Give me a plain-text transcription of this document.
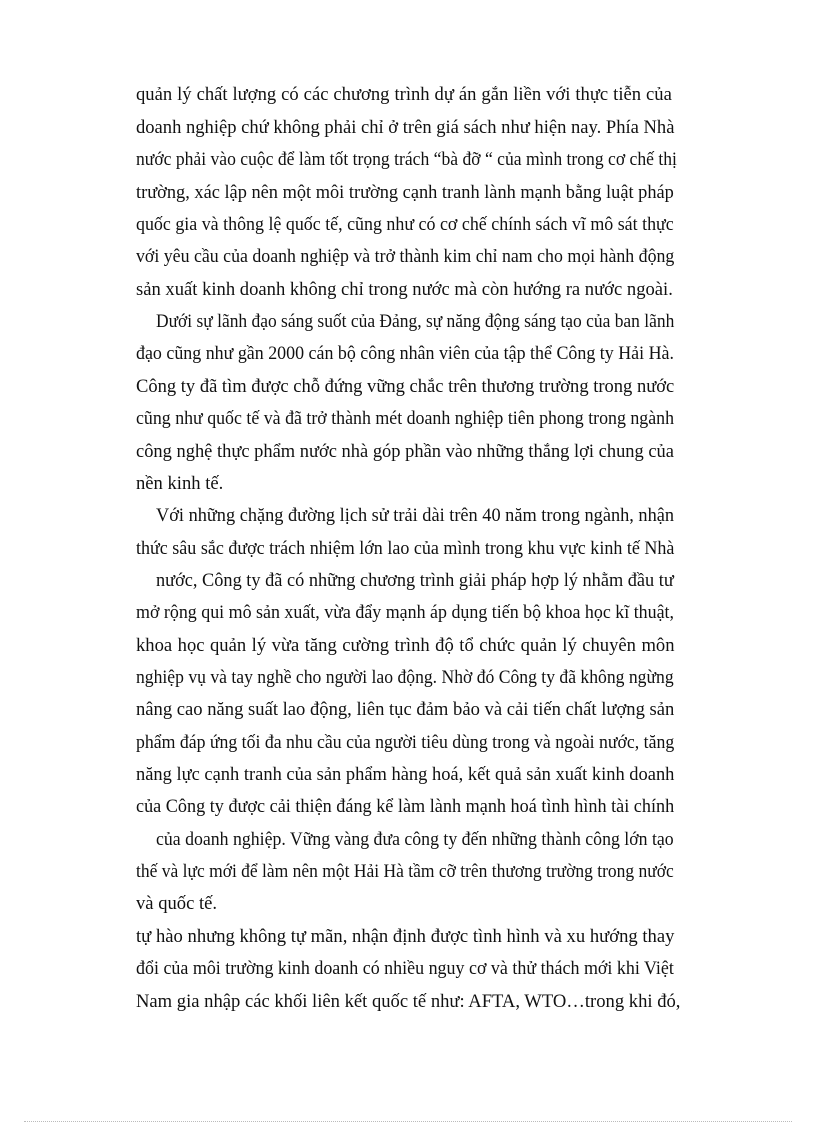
quản lý chất lượng có các chương trình dự án gắn liền với thực tiễn của
doanh nghiệp chứ không phải chỉ ở trên giá sách như hiện nay. Phía Nhà
nước phải vào cuộc để làm tốt trọng trách “bà đỡ “ của mình trong cơ chế thị
trường, xác lập nên một môi trường cạnh tranh lành mạnh bằng luật pháp
quốc gia và thông lệ quốc tế, cũng như có cơ chế chính sách vĩ mô sát thực
với yêu cầu của doanh nghiệp và trở thành kim chỉ nam cho mọi hành động
sản xuất kinh doanh không chỉ trong nước mà còn hướng ra nước ngoài.
Dưới sự lãnh đạo sáng suốt của Đảng, sự năng động sáng tạo của ban lãnh
đạo cũng như gần 2000 cán bộ công nhân viên của tập thể Công ty Hải Hà.
Công ty đã tìm được chỗ đứng vững chắc trên thương trường trong nước
cũng như quốc tế và đã trở thành mét doanh nghiệp tiên phong trong ngành
công nghệ thực phẩm nước nhà góp phần vào những thắng lợi chung của
nền kinh tế.
Với những chặng đường lịch sử trải dài trên 40 năm trong ngành, nhận
thức sâu sắc được trách nhiệm lớn lao của mình trong khu vực kinh tế Nhà
nước, Công ty đã có những chương trình giải pháp hợp lý nhằm đầu tư
mở rộng qui mô sản xuất, vừa đẩy mạnh áp dụng tiến bộ khoa học kĩ thuật,
khoa học quản lý vừa tăng cường trình độ tổ chức quản lý chuyên môn
nghiệp vụ và tay nghề cho người lao động. Nhờ đó Công ty đã không ngừng
nâng cao năng suất lao động, liên tục đảm bảo và cải tiến chất lượng sản
phẩm đáp ứng tối đa nhu cầu của người tiêu dùng trong và ngoài nước, tăng
năng lực cạnh tranh của sản phẩm hàng hoá, kết quả sản xuất kinh doanh
của Công ty được cải thiện đáng kể làm lành mạnh hoá tình hình tài chính
của doanh nghiệp. Vững vàng đưa công ty đến những thành công lớn tạo
thế và lực mới để làm nên một Hải Hà tầm cỡ trên thương trường trong nước
và quốc tế.
tự hào nhưng không tự mãn, nhận định được tình hình và xu hướng thay
đổi của môi trường kinh doanh có nhiều nguy cơ và thử thách mới khi Việt
Nam gia nhập các khối liên kết quốc tế như: AFTA, WTO…trong khi đó,
